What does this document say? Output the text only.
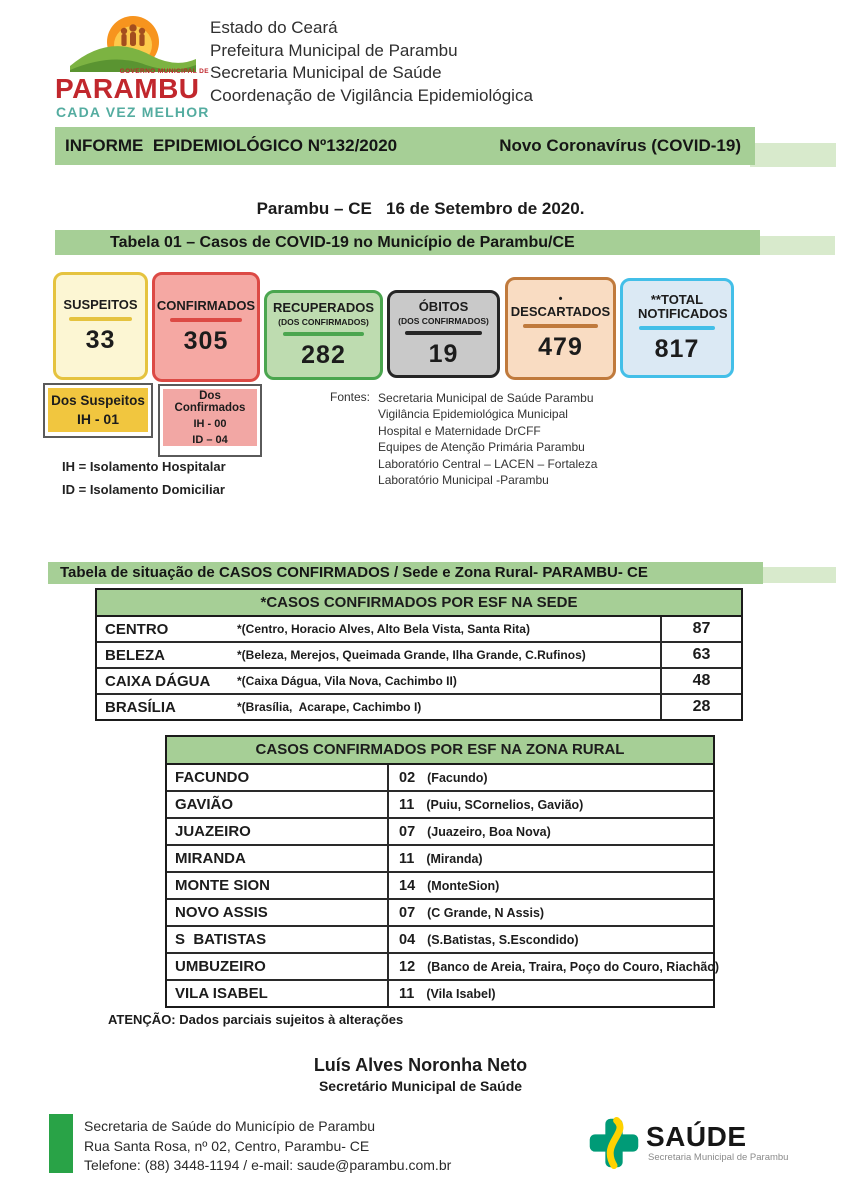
GOVERNO MUNICIPAL DE
PARAMBU
CADA VEZ MELHOR
Estado do Ceará
Prefeitura Municipal de Parambu
Secretaria Municipal de Saúde
Coordenação de Vigilância Epidemiológica
INFORME  EPIDEMIOLÓGICO Nº132/2020	Novo Coronavírus (COVID-19)
Parambu – CE   16 de Setembro de 2020.
Tabela 01 – Casos de COVID-19 no Município de Parambu/CE
SUSPEITOS
33
CONFIRMADOS
305
RECUPERADOS
(DOS CONFIRMADOS)
282
ÓBITOS
(DOS CONFIRMADOS)
19
•
DESCARTADOS
479
**TOTAL NOTIFICADOS
817
Dos Suspeitos
IH - 01
Dos Confirmados
IH - 00
ID – 04
Fontes: Secretaria Municipal de Saúde Parambu
Vigilância Epidemiológica Municipal
Hospital e Maternidade DrCFF
Equipes de Atenção Primária Parambu
Laboratório Central – LACEN – Fortaleza
Laboratório Municipal -Parambu
IH = Isolamento Hospitalar
ID = Isolamento Domiciliar
Tabela de situação de CASOS CONFIRMADOS / Sede e Zona Rural- PARAMBU- CE
*CASOS CONFIRMADOS POR ESF NA SEDE
CENTRO	*(Centro, Horacio Alves, Alto Bela Vista, Santa Rita)	87
BELEZA	*(Beleza, Merejos, Queimada Grande, Ilha Grande, C.Rufinos)	63
CAIXA DÁGUA	*(Caixa Dágua, Vila Nova, Cachimbo II)	48
BRASÍLIA	*(Brasília,  Acarape, Cachimbo I)	28
CASOS CONFIRMADOS POR ESF NA ZONA RURAL
FACUNDO	02 (Facundo)
GAVIÃO	11 (Puiu, SCornelios, Gavião)
JUAZEIRO	07 (Juazeiro, Boa Nova)
MIRANDA	11 (Miranda)
MONTE SION	14 (MonteSion)
NOVO ASSIS	07 (C Grande, N Assis)
S  BATISTAS	04 (S.Batistas, S.Escondido)
UMBUZEIRO	12 (Banco de Areia, Traira, Poço do Couro, Riachão)
VILA ISABEL	11 (Vila Isabel)
ATENÇÃO: Dados parciais sujeitos à alterações
Luís Alves Noronha Neto
Secretário Municipal de Saúde
Secretaria de Saúde do Município de Parambu
Rua Santa Rosa, nº 02, Centro, Parambu- CE
Telefone: (88) 3448-1194 / e-mail: saude@parambu.com.br
SAÚDE
Secretaria Municipal de Parambu
